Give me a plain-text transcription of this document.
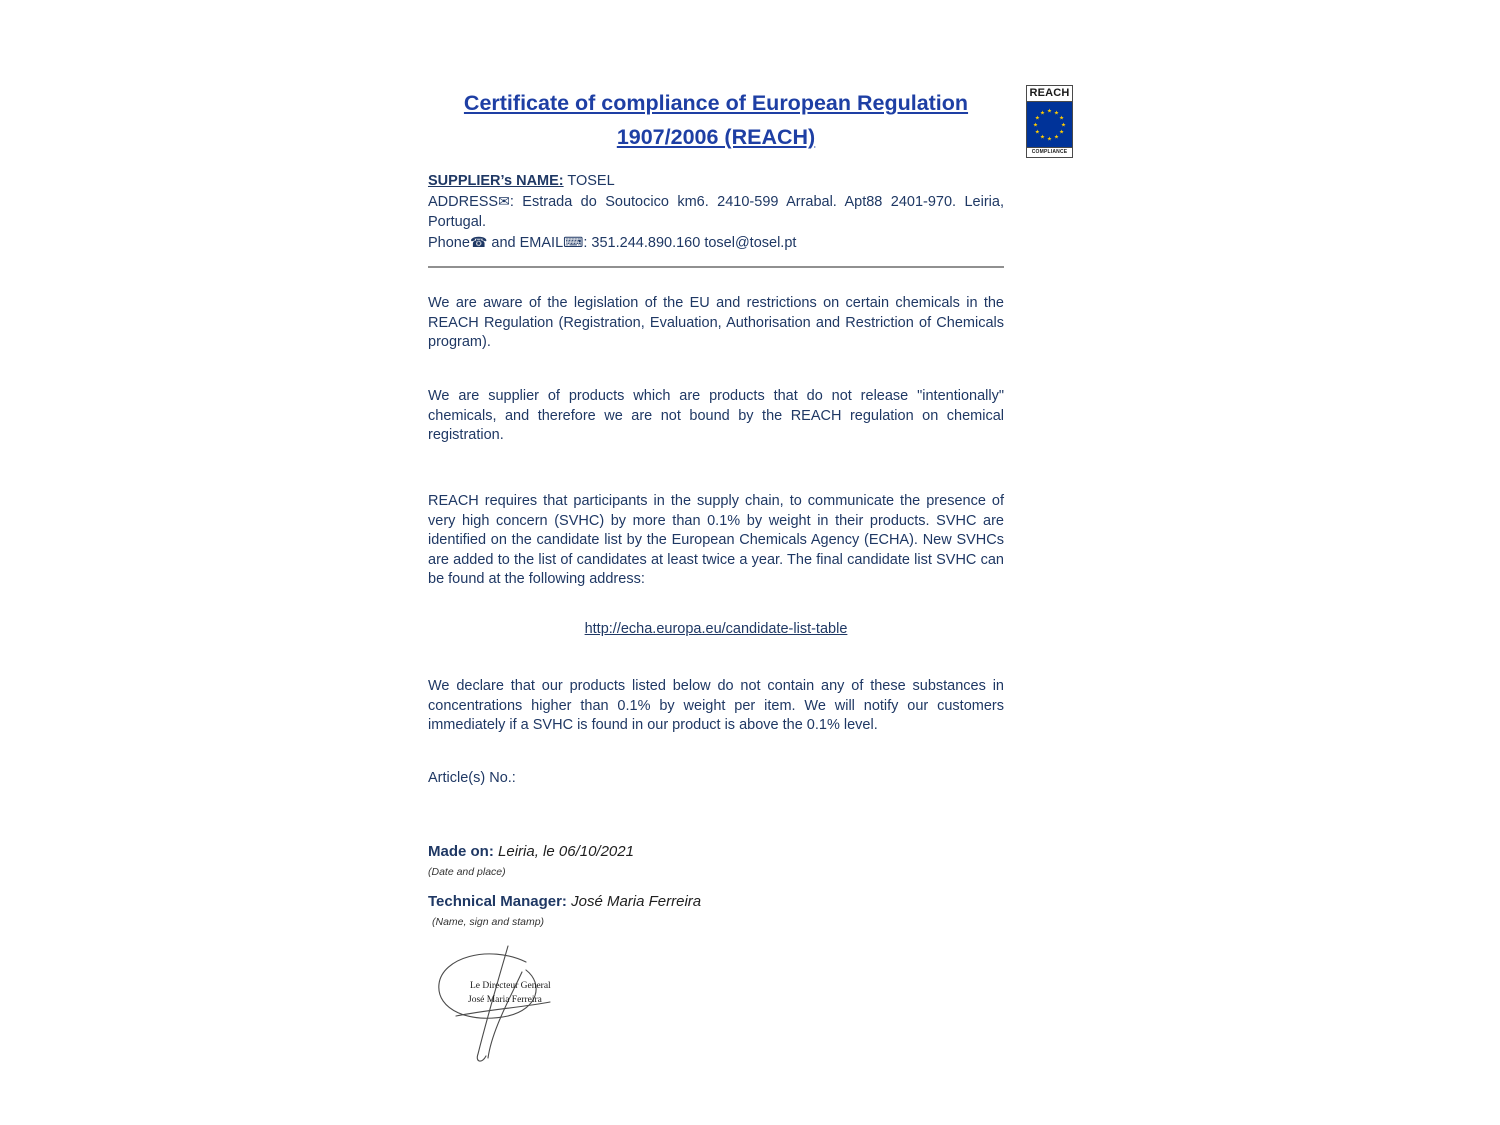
Certificate of compliance of European Regulation
1907/2006 (REACH)
REACH
★ ★
★
★
★
★
★
★
★
★
★
★
COMPLIANCE
SUPPLIER’s NAME: TOSEL
ADDRESS✉: Estrada do Soutocico km6. 2410-599 Arrabal. Apt88 2401-970. Leiria, Portugal.
Phone☎ and EMAIL⌨: 351.244.890.160 tosel@tosel.pt

We are aware of the legislation of the EU and restrictions on certain chemicals in the REACH Regulation (Registration, Evaluation, Authorisation and Restriction of Chemicals program).

We are supplier of products which are products that do not release "intentionally" chemicals, and therefore we are not bound by the REACH regulation on chemical registration.

REACH requires that participants in the supply chain, to communicate the presence of very high concern (SVHC) by more than 0.1% by weight in their products. SVHC are identified on the candidate list by the European Chemicals Agency (ECHA). New SVHCs are added to the list of candidates at least twice a year. The final candidate list SVHC can be found at the following address:

http://echa.europa.eu/candidate-list-table

We declare that our products listed below do not contain any of these substances in concentrations higher than 0.1% by weight per item. We will notify our customers immediately if a SVHC is found in our product is above the 0.1% level.

Article(s) No.:
Made on: Leiria, le 06/10/2021
(Date and place)
Technical Manager: José Maria Ferreira
(Name, sign and stamp)
Le Directeur General
José Maria Ferreira
